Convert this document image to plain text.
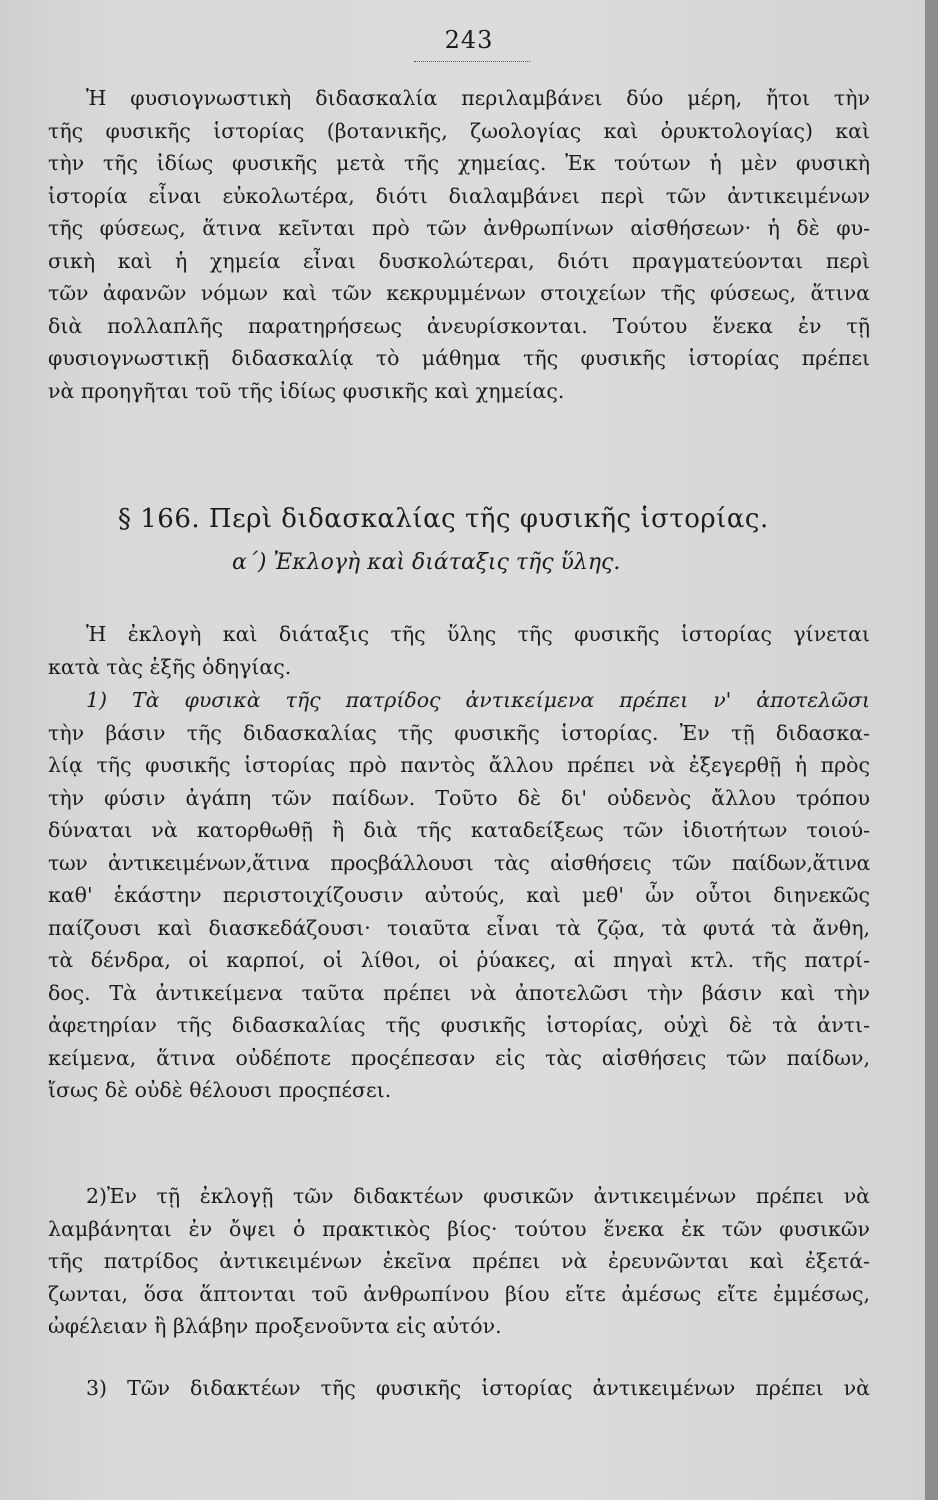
243

Ἡ φυσιογνωστικὴ διδασκαλία περιλαμβάνει δύο μέρη, ἤτοι τὴν

τῆς φυσικῆς ἱστορίας (βοτανικῆς, ζωολογίας καὶ ὀρυκτολογίας) καὶ

τὴν τῆς ἰδίως φυσικῆς μετὰ τῆς χημείας. Ἐκ τούτων ἡ μὲν φυσικὴ

ἱστορία εἶναι εὐκολωτέρα, διότι διαλαμβάνει περὶ τῶν ἀντικειμένων

τῆς φύσεως, ἅτινα κεῖνται πρὸ τῶν ἀνθρωπίνων αἰσθήσεων· ἡ δὲ φυ-

σικὴ καὶ ἡ χημεία εἶναι δυσκολώτεραι, διότι πραγματεύονται περὶ

τῶν ἀφανῶν νόμων καὶ τῶν κεκρυμμένων στοιχείων τῆς φύσεως, ἅτινα

διὰ πολλαπλῆς παρατηρήσεως ἀνευρίσκονται. Τούτου ἕνεκα ἐν τῇ

φυσιογνωστικῇ διδασκαλίᾳ τὸ μάθημα τῆς φυσικῆς ἱστορίας πρέπει

νὰ προηγῆται τοῦ τῆς ἰδίως φυσικῆς καὶ χημείας.

§ 166. Περὶ διδασκαλίας τῆς φυσικῆς ἱστορίας.
α΄) Ἐκλογὴ καὶ διάταξις τῆς ὕλης.

Ἡ ἐκλογὴ καὶ διάταξις τῆς ὕλης τῆς φυσικῆς ἱστορίας γίνεται

κατὰ τὰς ἑξῆς ὁδηγίας.

1) Τὰ φυσικὰ τῆς πατρίδος ἀντικείμενα πρέπει ν' ἀποτελῶσι

τὴν βάσιν τῆς διδασκαλίας τῆς φυσικῆς ἱστορίας. Ἐν τῇ διδασκα-

λίᾳ τῆς φυσικῆς ἱστορίας πρὸ παντὸς ἄλλου πρέπει νὰ ἐξεγερθῇ ἡ πρὸς

τὴν φύσιν ἀγάπη τῶν παίδων. Τοῦτο δὲ δι' οὐδενὸς ἄλλου τρόπου

δύναται νὰ κατορθωθῇ ἢ διὰ τῆς καταδείξεως τῶν ἰδιοτήτων τοιού-

των ἀντικειμένων,ἅτινα προςβάλλουσι τὰς αἰσθήσεις τῶν παίδων,ἅτινα

καθ' ἑκάστην περιστοιχίζουσιν αὐτούς, καὶ μεθ' ὧν οὗτοι διηνεκῶς

παίζουσι καὶ διασκεδάζουσι· τοιαῦτα εἶναι τὰ ζῷα, τὰ φυτά τὰ ἄνθη,

τὰ δένδρα, οἱ καρποί, οἱ λίθοι, οἱ ῥύακες, αἱ πηγαὶ κτλ. τῆς πατρί-

δος. Τὰ ἀντικείμενα ταῦτα πρέπει νὰ ἀποτελῶσι τὴν βάσιν καὶ τὴν

ἀφετηρίαν τῆς διδασκαλίας τῆς φυσικῆς ἱστορίας, οὐχὶ δὲ τὰ ἀντι-

κείμενα, ἅτινα οὐδέποτε προςέπεσαν εἰς τὰς αἰσθήσεις τῶν παίδων,

ἴσως δὲ οὐδὲ θέλουσι προςπέσει.

2)Ἐν τῇ ἐκλογῇ τῶν διδακτέων φυσικῶν ἀντικειμένων πρέπει νὰ

λαμβάνηται ἐν ὄψει ὁ πρακτικὸς βίος· τούτου ἕνεκα ἐκ τῶν φυσικῶν

τῆς πατρίδος ἀντικειμένων ἐκεῖνα πρέπει νὰ ἐρευνῶνται καὶ ἐξετά-

ζωνται, ὅσα ἅπτονται τοῦ ἀνθρωπίνου βίου εἴτε ἀμέσως εἴτε ἐμμέσως,

ὠφέλειαν ἢ βλάβην προξενοῦντα εἰς αὐτόν.

3) Τῶν διδακτέων τῆς φυσικῆς ἱστορίας ἀντικειμένων πρέπει νὰ
